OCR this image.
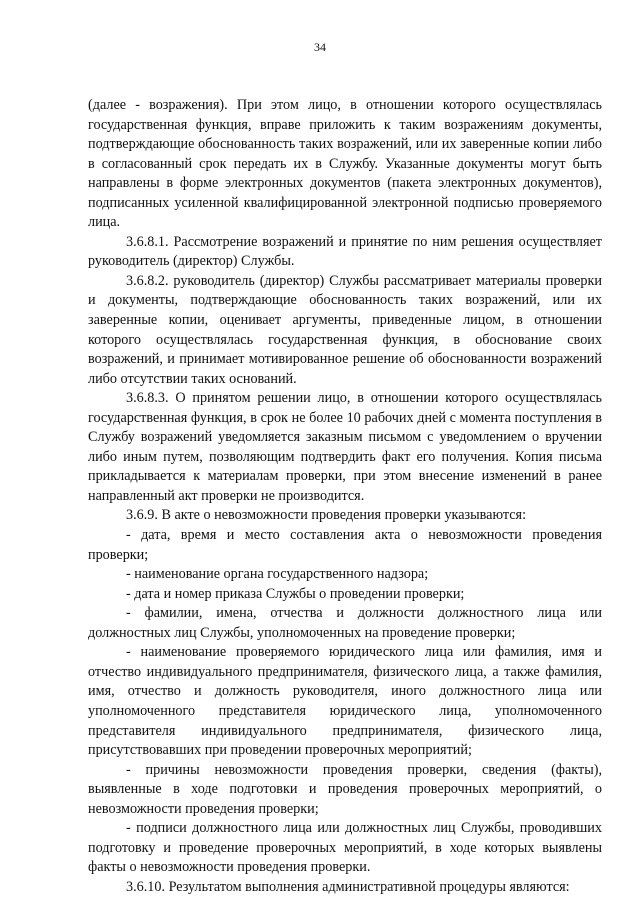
34

(далее - возражения). При этом лицо, в отношении которого осуществлялась государственная функция, вправе приложить к таким возражениям документы, подтверждающие обоснованность таких возражений, или их заверенные копии либо в согласованный срок передать их в Службу. Указанные документы могут быть направлены в форме электронных документов (пакета электронных документов), подписанных усиленной квалифицированной электронной подписью проверяемого лица.

3.6.8.1. Рассмотрение возражений и принятие по ним решения осуществляет руководитель (директор) Службы.

3.6.8.2. руководитель (директор) Службы рассматривает материалы проверки и документы, подтверждающие обоснованность таких возражений, или их заверенные копии, оценивает аргументы, приведенные лицом, в отношении которого осуществлялась государственная функция, в обоснование своих возражений, и принимает мотивированное решение об обоснованности возражений либо отсутствии таких оснований.

3.6.8.3. О принятом решении лицо, в отношении которого осуществлялась государственная функция, в срок не более 10 рабочих дней с момента поступления в Службу возражений уведомляется заказным письмом с уведомлением о вручении либо иным путем, позволяющим подтвердить факт его получения. Копия письма прикладывается к материалам проверки, при этом внесение изменений в ранее направленный акт проверки не производится.

3.6.9. В акте о невозможности проведения проверки указываются:

- дата, время и место составления акта о невозможности проведения проверки;

- наименование органа государственного надзора;

- дата и номер приказа Службы о проведении проверки;

- фамилии, имена, отчества и должности должностного лица или должностных лиц Службы, уполномоченных на проведение проверки;

- наименование проверяемого юридического лица или фамилия, имя и отчество индивидуального предпринимателя, физического лица, а также фамилия, имя, отчество и должность руководителя, иного должностного лица или уполномоченного представителя юридического лица, уполномоченного представителя индивидуального предпринимателя, физического лица, присутствовавших при проведении проверочных мероприятий;

- причины невозможности проведения проверки, сведения (факты), выявленные в ходе подготовки и проведения проверочных мероприятий, о невозможности проведения проверки;

- подписи должностного лица или должностных лиц Службы, проводивших подготовку и проведение проверочных мероприятий, в ходе которых выявлены факты о невозможности проведения проверки.

3.6.10. Результатом выполнения административной процедуры являются:
